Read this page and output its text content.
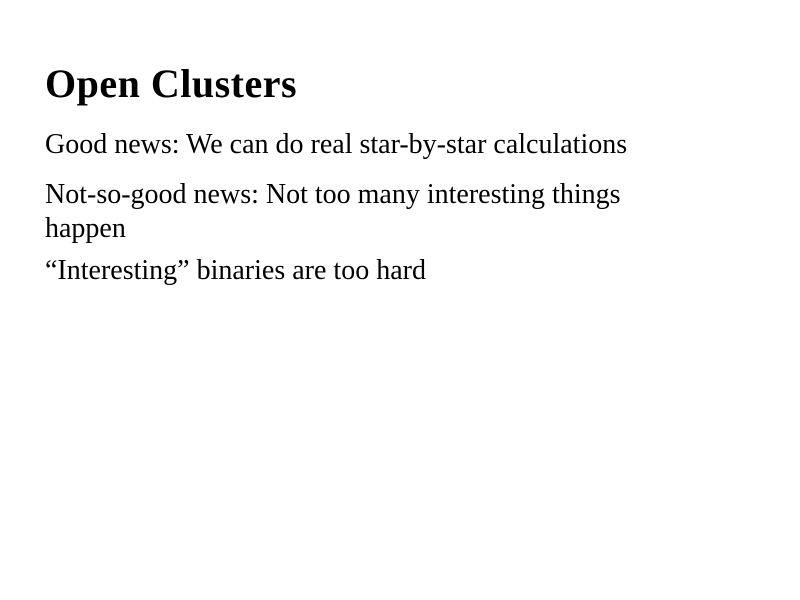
Open Clusters

Good news: We can do real star-by-star calculations

Not-so-good news: Not too many interesting things
happen

“Interesting” binaries are too hard
